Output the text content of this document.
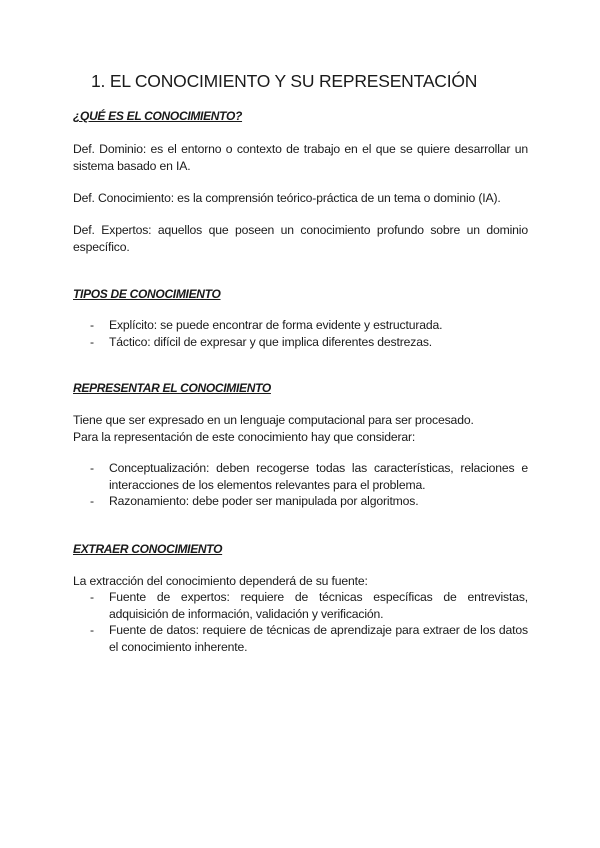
1. EL CONOCIMIENTO Y SU REPRESENTACIÓN
¿QUÉ ES EL CONOCIMIENTO?

Def. Dominio: es el entorno o contexto de trabajo en el que se quiere desarrollar un sistema basado en IA.

Def. Conocimiento: es la comprensión teórico-práctica de un tema o dominio (IA).

Def. Expertos: aquellos que poseen un conocimiento profundo sobre un dominio específico.

TIPOS DE CONOCIMIENTO
- Explícito: se puede encontrar de forma evidente y estructurada.
- Táctico: difícil de expresar y que implica diferentes destrezas.
REPRESENTAR EL CONOCIMIENTO

Tiene que ser expresado en un lenguaje computacional para ser procesado.

Para la representación de este conocimiento hay que considerar:

- Conceptualización: deben recogerse todas las características, relaciones e interacciones de los elementos relevantes para el problema.
- Razonamiento: debe poder ser manipulada por algoritmos.
EXTRAER CONOCIMIENTO

La extracción del conocimiento dependerá de su fuente:

- Fuente de expertos: requiere de técnicas específicas de entrevistas, adquisición de información, validación y verificación.
- Fuente de datos: requiere de técnicas de aprendizaje para extraer de los datos el conocimiento inherente.
